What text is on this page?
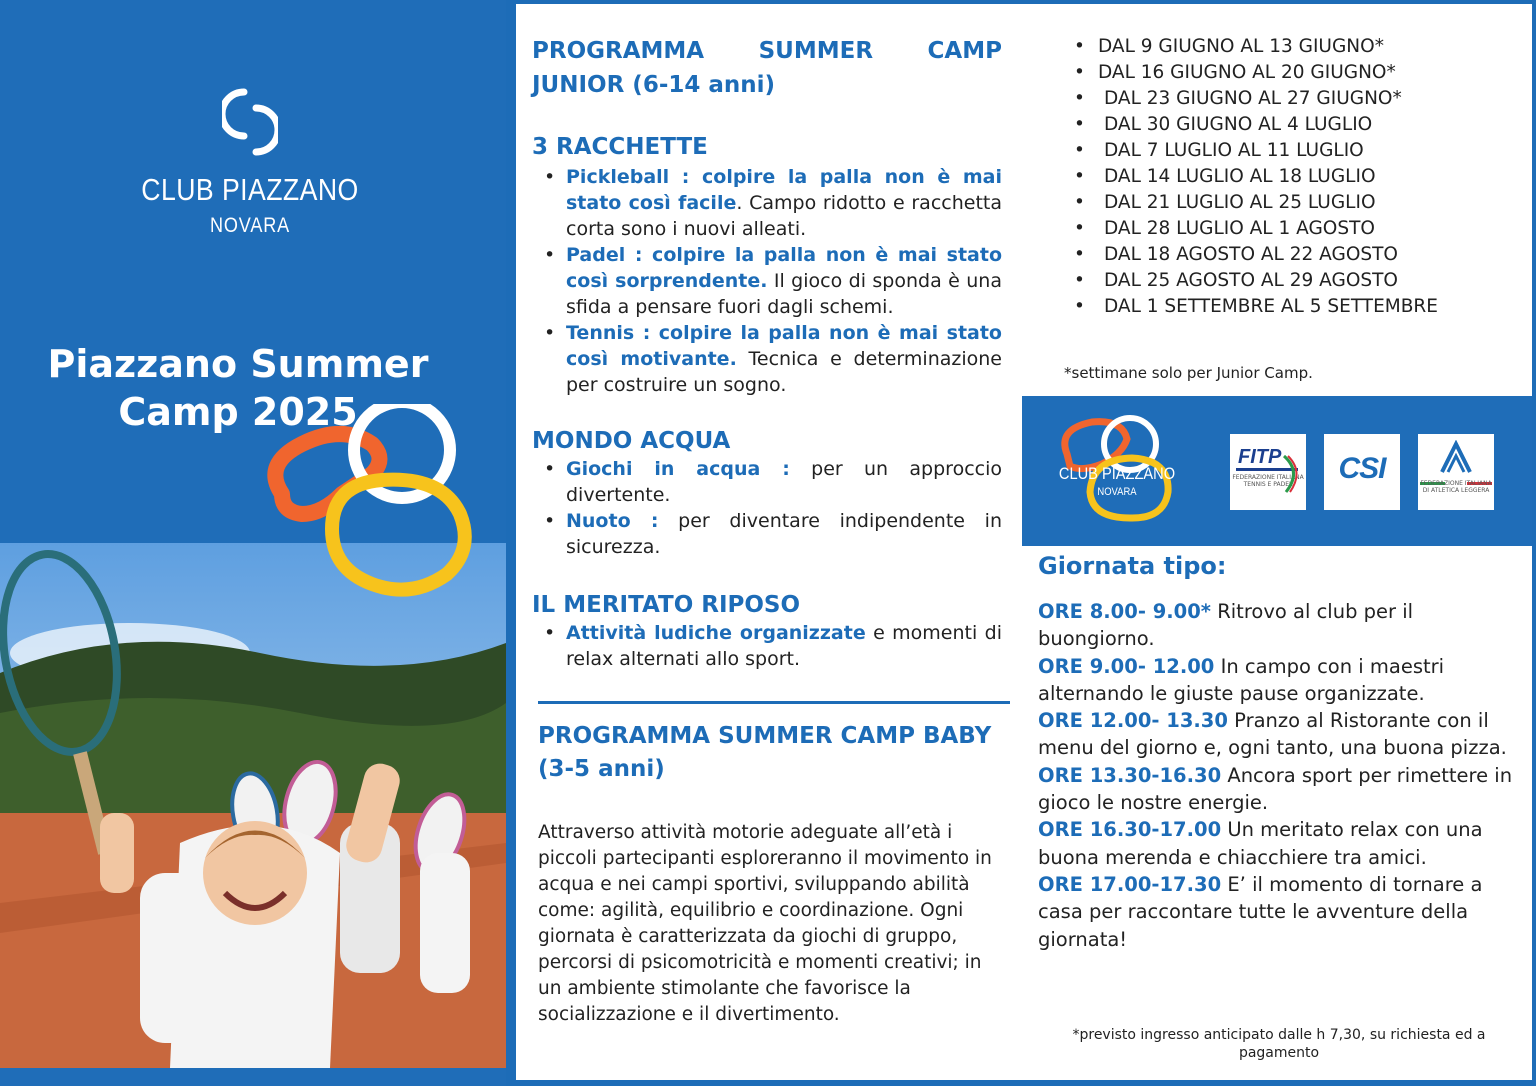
CLUB PIAZZANO
NOVARA
Piazzano Summer
Camp 2025
PROGRAMMA SUMMER CAMP
JUNIOR (6-14 anni)
3 RACCHETTE
• Pickleball : colpire la palla non è mai stato così facile. Campo ridotto e racchetta corta sono i nuovi alleati.
• Padel : colpire la palla non è mai stato così sorprendente. Il gioco di sponda è una sfida a pensare fuori dagli schemi.
• Tennis : colpire la palla non è mai stato così motivante. Tecnica e determinazione per costruire un sogno.
MONDO ACQUA
• Giochi in acqua : per un approccio divertente.
• Nuoto : per diventare indipendente in sicurezza.
IL MERITATO RIPOSO
• Attività ludiche organizzate e momenti di relax alternati allo sport.
PROGRAMMA SUMMER CAMP BABY
(3-5 anni)
Attraverso attività motorie adeguate all’età i piccoli partecipanti esploreranno il movimento in acqua e nei campi sportivi, sviluppando abilità come: agilità, equilibrio e coordinazione. Ogni giornata è caratterizzata da giochi di gruppo, percorsi di psicomotricità e momenti creativi; in un ambiente stimolante che favorisce la socializzazione e il divertimento.
• DAL 9 GIUGNO AL 13 GIUGNO*
• DAL 16 GIUGNO AL 20 GIUGNO*
• DAL 23 GIUGNO AL 27 GIUGNO*
• DAL 30 GIUGNO AL 4 LUGLIO
• DAL 7 LUGLIO AL 11 LUGLIO
• DAL 14 LUGLIO AL 18 LUGLIO
• DAL 21 LUGLIO AL 25 LUGLIO
• DAL 28 LUGLIO AL 1 AGOSTO
• DAL 18 AGOSTO AL 22 AGOSTO
• DAL 25 AGOSTO AL 29 AGOSTO
• DAL 1 SETTEMBRE AL 5 SETTEMBRE
*settimane solo per Junior Camp.
CLUB PIAZZANO
NOVARA
FITP
FEDERAZIONE ITALIANA TENNIS E PADEL	CSI	FEDERAZIONE ITALIANA DI ATLETICA LEGGERA
Giornata tipo:
ORE 8.00- 9.00* Ritrovo al club per il buongiorno.
ORE 9.00- 12.00 In campo con i maestri alternando le giuste pause organizzate.
ORE 12.00- 13.30 Pranzo al Ristorante con il menu del giorno e, ogni tanto, una buona pizza.
ORE 13.30-16.30 Ancora sport per rimettere in gioco le nostre energie.
ORE 16.30-17.00 Un meritato relax con una buona merenda e chiacchiere tra amici.
ORE 17.00-17.30 E’ il momento di tornare a casa per raccontare tutte le avventure della giornata!
*previsto ingresso anticipato dalle h 7,30, su richiesta ed a pagamento
